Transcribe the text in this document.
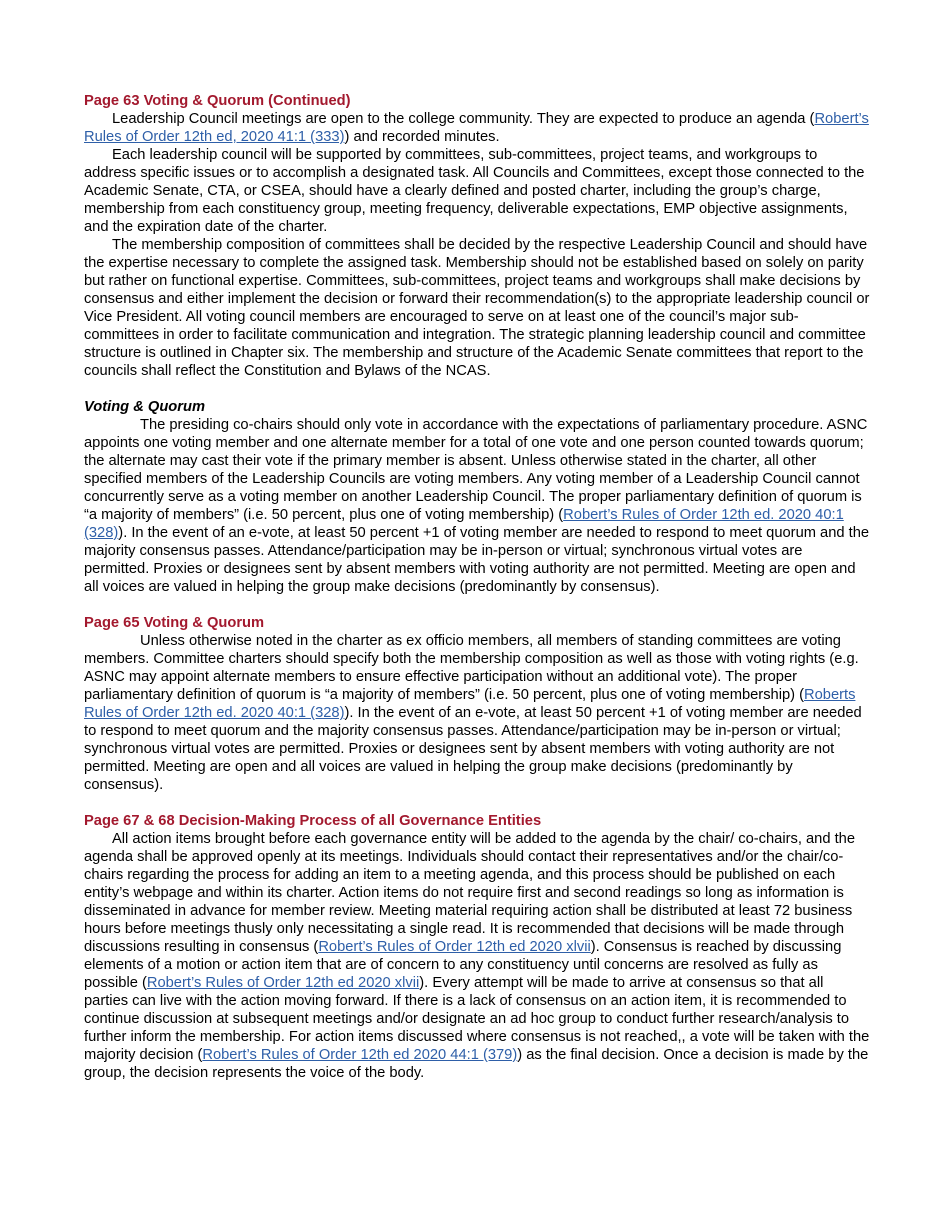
Page 63 Voting & Quorum (Continued)

Leadership Council meetings are open to the college community. They are expected to produce an agenda (Robert’s Rules of Order 12th ed, 2020 41:1 (333)) and recorded minutes.

Each leadership council will be supported by committees, sub-committees, project teams, and workgroups to address specific issues or to accomplish a designated task. All Councils and Committees, except those connected to the Academic Senate, CTA, or CSEA, should have a clearly defined and posted charter, including the group’s charge, membership from each constituency group, meeting frequency, deliverable expectations, EMP objective assignments, and the expiration date of the charter.

The membership composition of committees shall be decided by the respective Leadership Council and should have the expertise necessary to complete the assigned task. Membership should not be established based on solely on parity but rather on functional expertise. Committees, sub-committees, project teams and workgroups shall make decisions by consensus and either implement the decision or forward their recommendation(s) to the appropriate leadership council or Vice President. All voting council members are encouraged to serve on at least one of the council’s major sub-committees in order to facilitate communication and integration. The strategic planning leadership council and committee structure is outlined in Chapter six. The membership and structure of the Academic Senate committees that report to the councils shall reflect the Constitution and Bylaws of the NCAS.

Voting & Quorum

The presiding co-chairs should only vote in accordance with the expectations of parliamentary procedure. ASNC appoints one voting member and one alternate member for a total of one vote and one person counted towards quorum; the alternate may cast their vote if the primary member is absent. Unless otherwise stated in the charter, all other specified members of the Leadership Councils are voting members. Any voting member of a Leadership Council cannot concurrently serve as a voting member on another Leadership Council. The proper parliamentary definition of quorum is “a majority of members” (i.e. 50 percent, plus one of voting membership) (Robert’s Rules of Order 12th ed. 2020 40:1 (328)). In the event of an e-vote, at least 50 percent +1 of voting member are needed to respond to meet quorum and the majority consensus passes. Attendance/participation may be in-person or virtual; synchronous virtual votes are permitted. Proxies or designees sent by absent members with voting authority are not permitted. Meeting are open and all voices are valued in helping the group make decisions (predominantly by consensus).

Page 65 Voting & Quorum

Unless otherwise noted in the charter as ex officio members, all members of standing committees are voting members. Committee charters should specify both the membership composition as well as those with voting rights (e.g. ASNC may appoint alternate members to ensure effective participation without an additional vote). The proper parliamentary definition of quorum is “a majority of members” (i.e. 50 percent, plus one of voting membership) (Roberts Rules of Order 12th ed. 2020 40:1 (328)). In the event of an e-vote, at least 50 percent +1 of voting member are needed to respond to meet quorum and the majority consensus passes. Attendance/participation may be in-person or virtual; synchronous virtual votes are permitted. Proxies or designees sent by absent members with voting authority are not permitted. Meeting are open and all voices are valued in helping the group make decisions (predominantly by consensus).

Page 67 & 68 Decision-Making Process of all Governance Entities

All action items brought before each governance entity will be added to the agenda by the chair/ co-chairs, and the agenda shall be approved openly at its meetings. Individuals should contact their representatives and/or the chair/co-chairs regarding the process for adding an item to a meeting agenda, and this process should be published on each entity’s webpage and within its charter. Action items do not require first and second readings so long as information is disseminated in advance for member review. Meeting material requiring action shall be distributed at least 72 business hours before meetings thusly only necessitating a single read. It is recommended that decisions will be made through discussions resulting in consensus (Robert’s Rules of Order 12th ed 2020 xlvii). Consensus is reached by discussing elements of a motion or action item that are of concern to any constituency until concerns are resolved as fully as possible (Robert’s Rules of Order 12th ed 2020 xlvii). Every attempt will be made to arrive at consensus so that all parties can live with the action moving forward. If there is a lack of consensus on an action item, it is recommended to continue discussion at subsequent meetings and/or designate an ad hoc group to conduct further research/analysis to further inform the membership. For action items discussed where consensus is not reached,, a vote will be taken with the majority decision (Robert’s Rules of Order 12th ed 2020 44:1 (379)) as the final decision. Once a decision is made by the group, the decision represents the voice of the body.
